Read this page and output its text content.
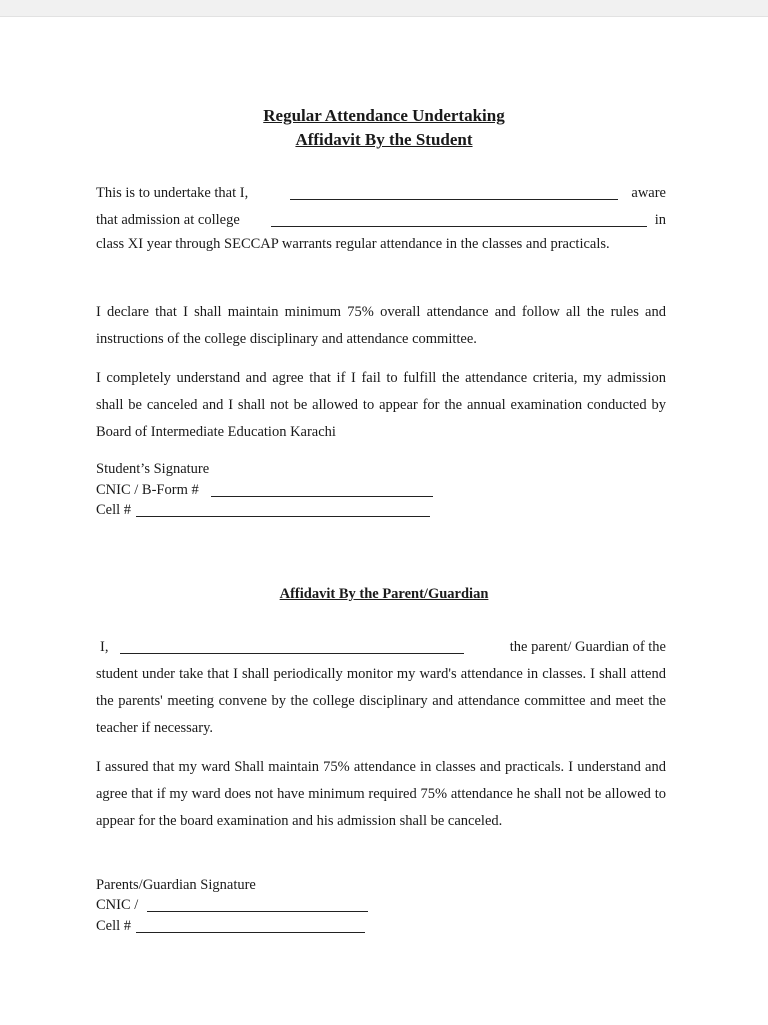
Regular Attendance Undertaking
Affidavit By the Student
This is to undertake that I,	aware
that admission at college	in
class XI year through SECCAP warrants regular attendance in the classes and practicals.
I declare that I shall maintain minimum 75% overall attendance and follow all the rules and instructions of the college disciplinary and attendance committee.
I completely understand and agree that if I fail to fulfill the attendance criteria, my admission shall be canceled and I shall not be allowed to appear for the annual examination conducted by Board of Intermediate Education Karachi
Student’s Signature
CNIC / B-Form #
Cell #
Affidavit By the Parent/Guardian
I,	the parent/ Guardian of the
student under take that I shall periodically monitor my ward's attendance in classes. I shall attend the parents' meeting convene by the college disciplinary and attendance committee and meet the teacher if necessary.
I assured that my ward Shall maintain 75% attendance in classes and practicals. I understand and agree that if my ward does not have minimum required 75% attendance he shall not be allowed to appear for the board examination and his admission shall be canceled.
Parents/Guardian Signature
CNIC /
Cell #
